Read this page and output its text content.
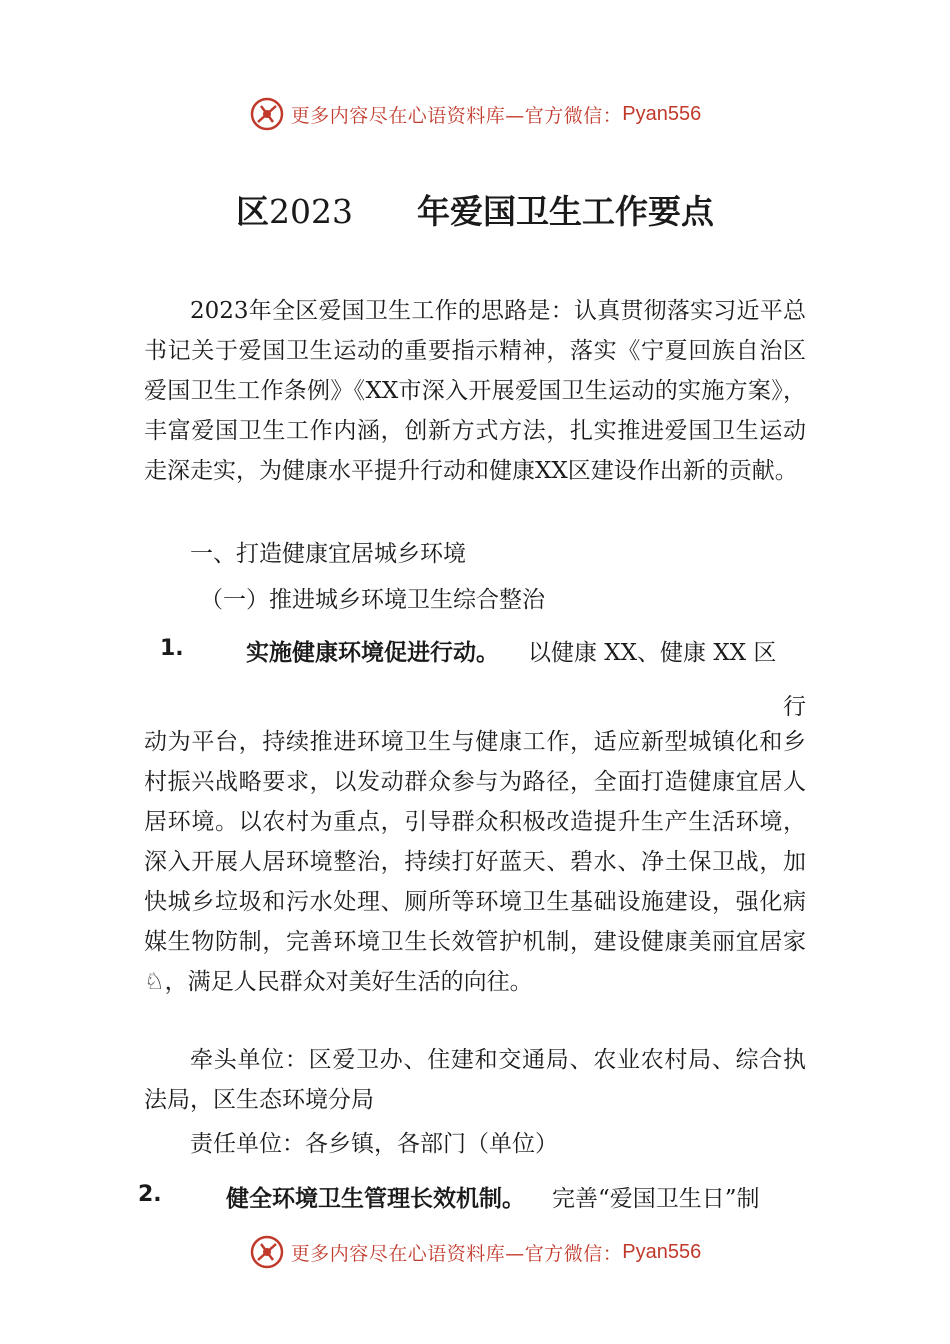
更多内容尽在心语资料库—官方微信： Pyan556
区2023 年爱国卫生工作要点

2023年全区爱国卫生工作的思路是：认真贯彻落实习近平总书记关于爱国卫生运动的重要指示精神，落实《宁夏回族自治区爱国卫生工作条例》《XX市深入开展爱国卫生运动的实施方案》，丰富爱国卫生工作内涵，创新方式方法，扎实推进爱国卫生运动走深走实，为健康水平提升行动和健康XX区建设作出新的贡献。

一、打造健康宜居城乡环境

（一）推进城乡环境卫生综合整治

1.	实施健康环境促进行动。 以健康 XX、健康 XX 区
行

动为平台，持续推进环境卫生与健康工作，适应新型城镇化和乡村振兴战略要求，以发动群众参与为路径，全面打造健康宜居人居环境。以农村为重点，引导群众积极改造提升生产生活环境，深入开展人居环境整治，持续打好蓝天、碧水、净土保卫战，加快城乡垃圾和污水处理、厕所等环境卫生基础设施建设，强化病媒生物防制，完善环境卫生长效管护机制，建设健康美丽宜居家♘，满足人民群众对美好生活的向往。

牵头单位：区爱卫办、住建和交通局、农业农村局、综合执法局，区生态环境分局

责任单位：各乡镇，各部门（单位）

2.	健全环境卫生管理长效机制。 完善“爱国卫生日”制
更多内容尽在心语资料库—官方微信： Pyan556
